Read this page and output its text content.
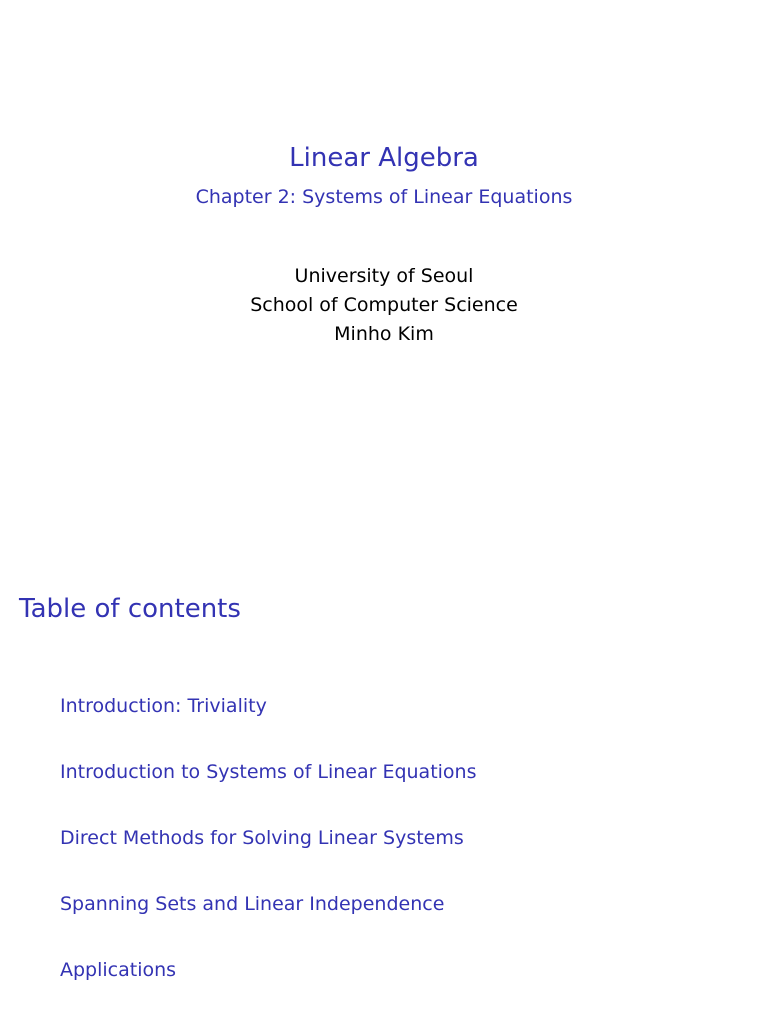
Linear Algebra
Chapter 2: Systems of Linear Equations
University of Seoul
School of Computer Science
Minho Kim
Table of contents
Introduction: Triviality
Introduction to Systems of Linear Equations
Direct Methods for Solving Linear Systems
Spanning Sets and Linear Independence
Applications
